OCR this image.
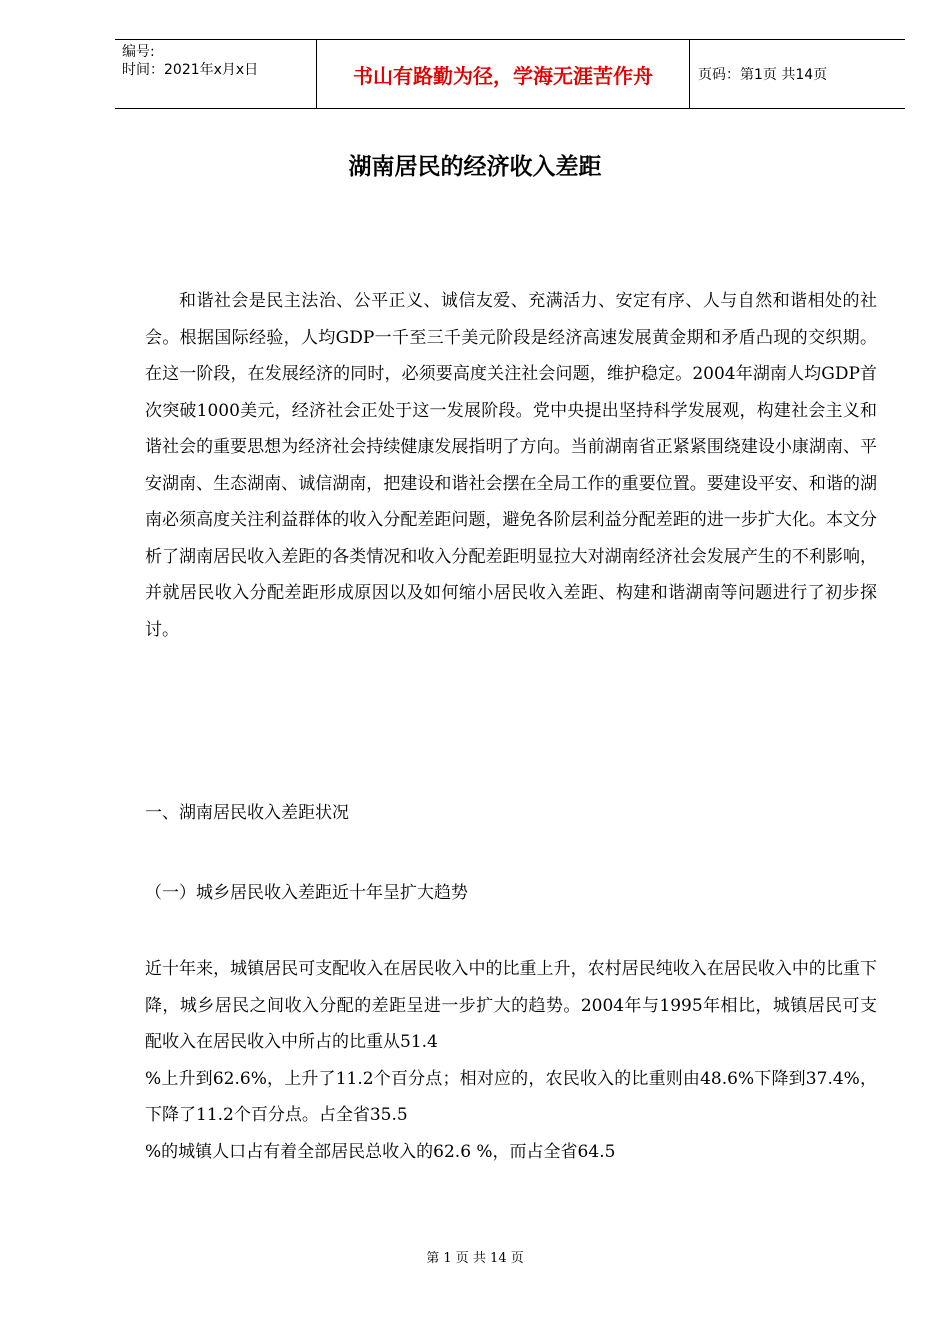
编号:
时间：2021年x月x日	书山有路勤为径，学海无涯苦作舟	页码：第1页 共14页
湖南居民的经济收入差距
和谐社会是民主法治、公平正义、诚信友爱、充满活力、安定有序、人与自然和谐相处的社会。根据国际经验，人均GDP一千至三千美元阶段是经济高速发展黄金期和矛盾凸现的交织期。在这一阶段，在发展经济的同时，必须要高度关注社会问题，维护稳定。2004年湖南人均GDP首次突破1000美元，经济社会正处于这一发展阶段。党中央提出坚持科学发展观，构建社会主义和谐社会的重要思想为经济社会持续健康发展指明了方向。当前湖南省正紧紧围绕建设小康湖南、平安湖南、生态湖南、诚信湖南，把建设和谐社会摆在全局工作的重要位置。要建设平安、和谐的湖南必须高度关注利益群体的收入分配差距问题，避免各阶层利益分配差距的进一步扩大化。本文分析了湖南居民收入差距的各类情况和收入分配差距明显拉大对湖南经济社会发展产生的不利影响，并就居民收入分配差距形成原因以及如何缩小居民收入差距、构建和谐湖南等问题进行了初步探讨。
一、湖南居民收入差距状况
（一）城乡居民收入差距近十年呈扩大趋势
近十年来，城镇居民可支配收入在居民收入中的比重上升，农村居民纯收入在居民收入中的比重下降，城乡居民之间收入分配的差距呈进一步扩大的趋势。2004年与1995年相比，城镇居民可支配收入在居民收入中所占的比重从51.4
%上升到62.6%，上升了11.2个百分点；相对应的，农民收入的比重则由48.6%下降到37.4%，下降了11.2个百分点。占全省35.5
%的城镇人口占有着全部居民总收入的62.6 %，而占全省64.5
第 1 页 共 14 页
